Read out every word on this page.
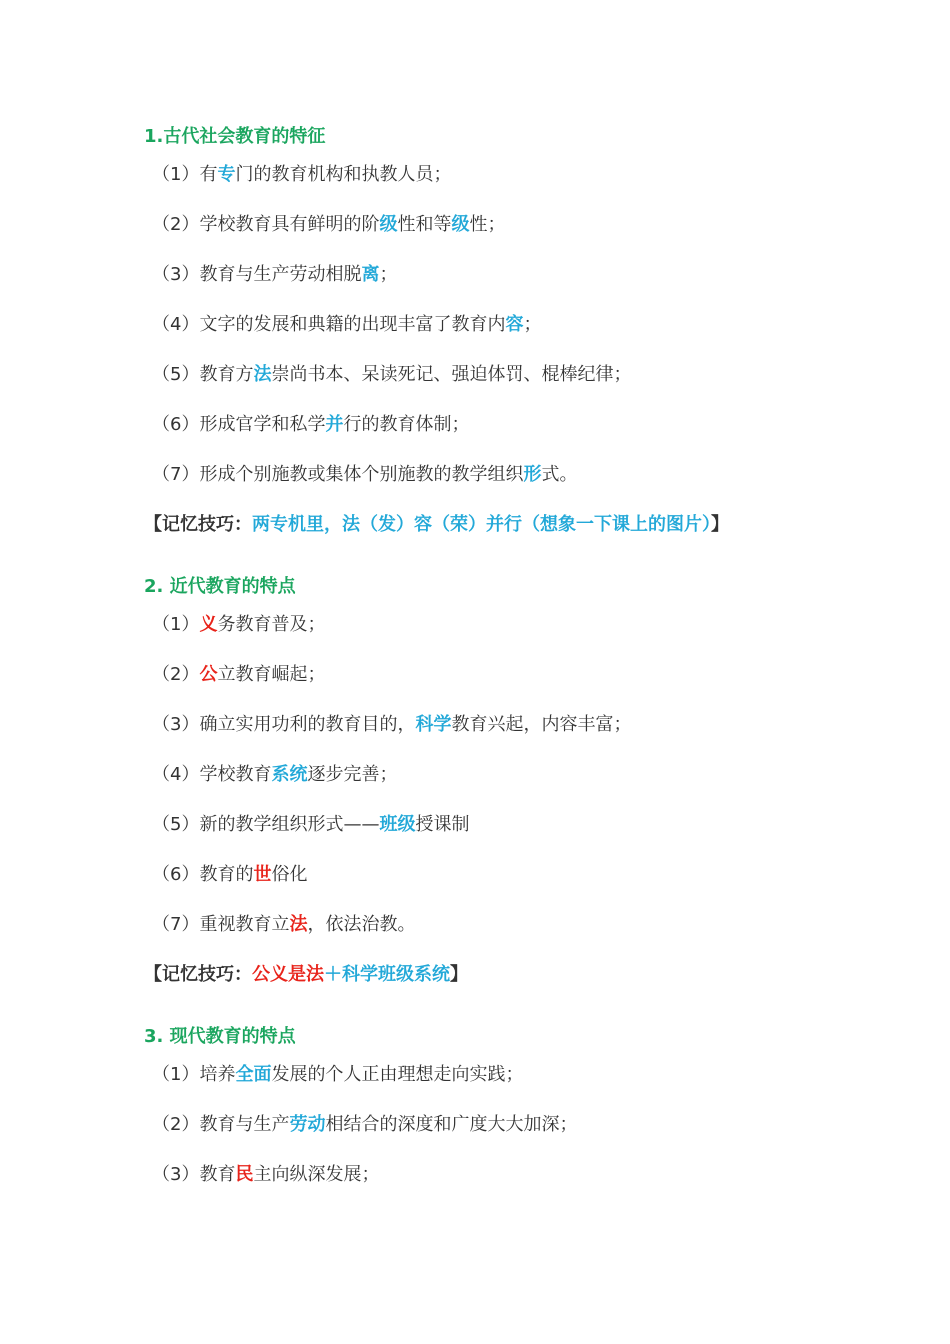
1.古代社会教育的特征
（1）有专门的教育机构和执教人员；
（2）学校教育具有鲜明的阶级性和等级性；
（3）教育与生产劳动相脱离；
（4）文字的发展和典籍的出现丰富了教育内容；
（5）教育方法崇尚书本、呆读死记、强迫体罚、棍棒纪律；
（6）形成官学和私学并行的教育体制；
（7）形成个别施教或集体个别施教的教学组织形式。
【记忆技巧：两专机里，法（发）容（荣）并行（想象一下课上的图片）】
2. 近代教育的特点
（1）义务教育普及；
（2）公立教育崛起；
（3）确立实用功利的教育目的，科学教育兴起，内容丰富；
（4）学校教育系统逐步完善；
（5）新的教学组织形式——班级授课制
（6）教育的世俗化
（7）重视教育立法，依法治教。
【记忆技巧：公义是法＋科学班级系统】
3. 现代教育的特点
（1）培养全面发展的个人正由理想走向实践；
（2）教育与生产劳动相结合的深度和广度大大加深；
（3）教育民主向纵深发展；
